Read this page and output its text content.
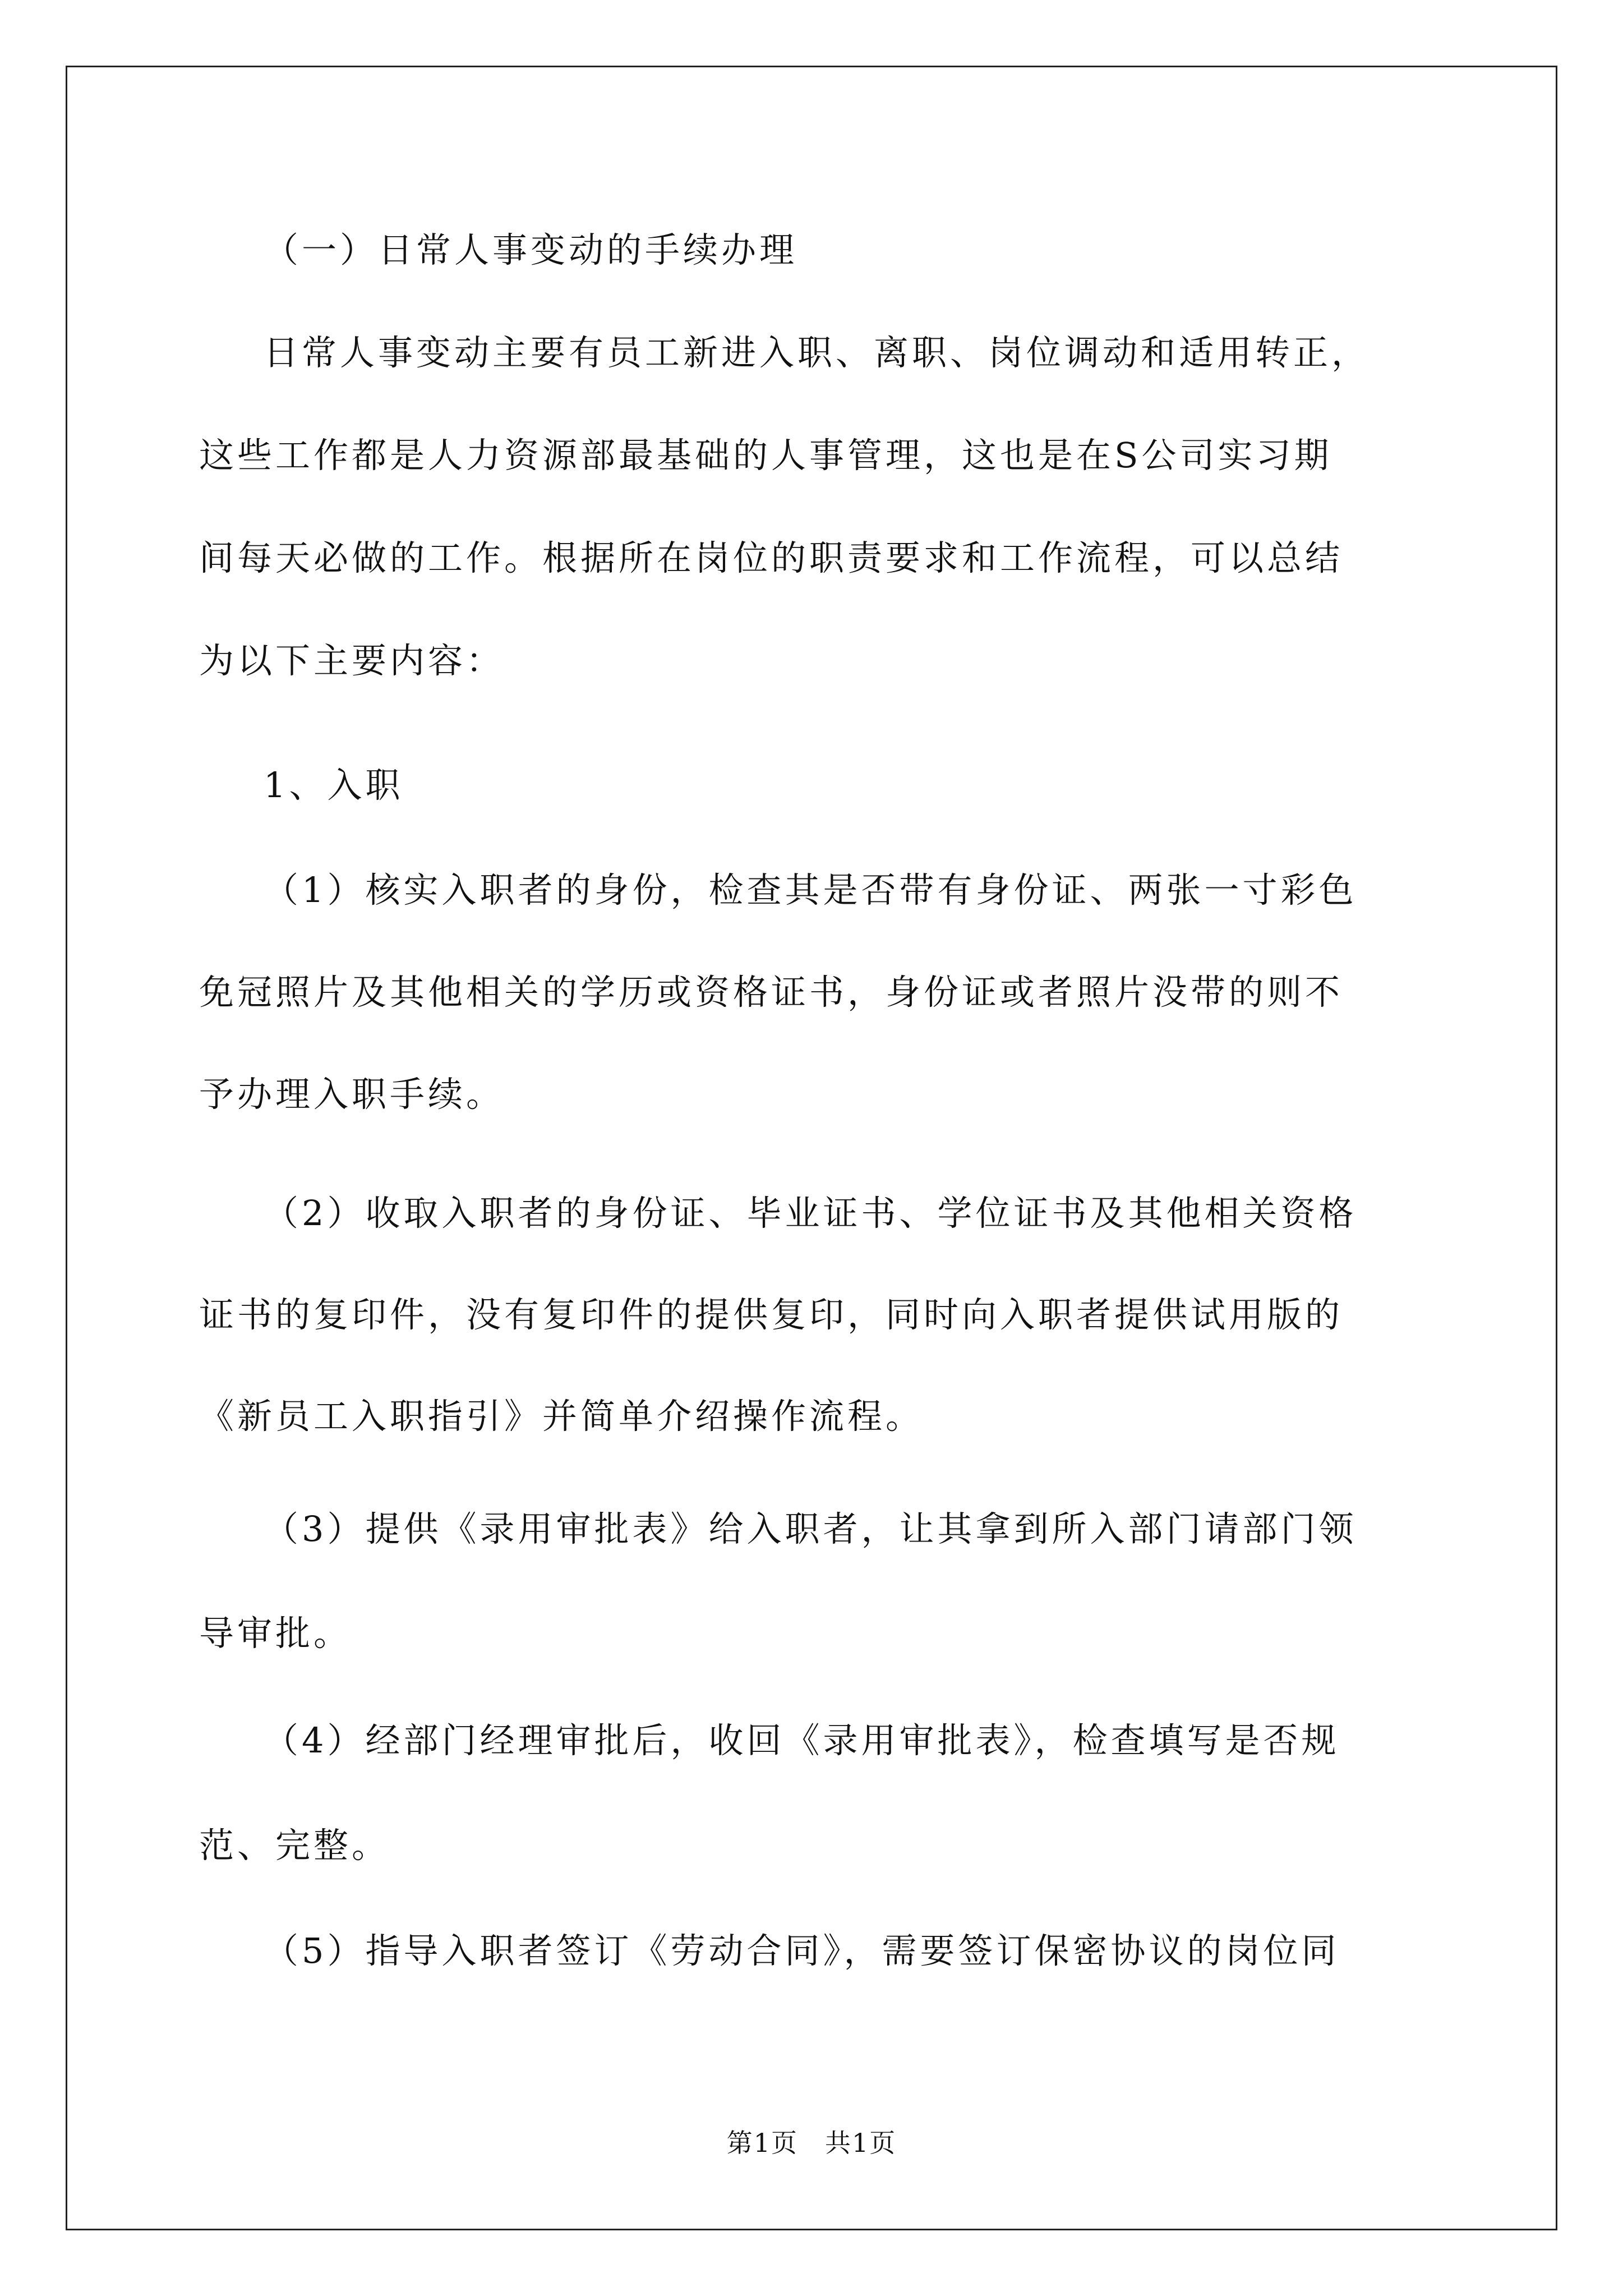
（一）日常人事变动的手续办理
日常人事变动主要有员工新进入职、离职、岗位调动和适用转正，
这些工作都是人力资源部最基础的人事管理，这也是在S公司实习期
间每天必做的工作。根据所在岗位的职责要求和工作流程，可以总结
为以下主要内容：
1、入职
（1）核实入职者的身份，检查其是否带有身份证、两张一寸彩色
免冠照片及其他相关的学历或资格证书，身份证或者照片没带的则不
予办理入职手续。
（2）收取入职者的身份证、毕业证书、学位证书及其他相关资格
证书的复印件，没有复印件的提供复印，同时向入职者提供试用版的
《新员工入职指引》并简单介绍操作流程。
（3）提供《录用审批表》给入职者，让其拿到所入部门请部门领
导审批。
（4）经部门经理审批后，收回《录用审批表》，检查填写是否规
范、完整。
（5）指导入职者签订《劳动合同》，需要签订保密协议的岗位同
第1页　共1页
